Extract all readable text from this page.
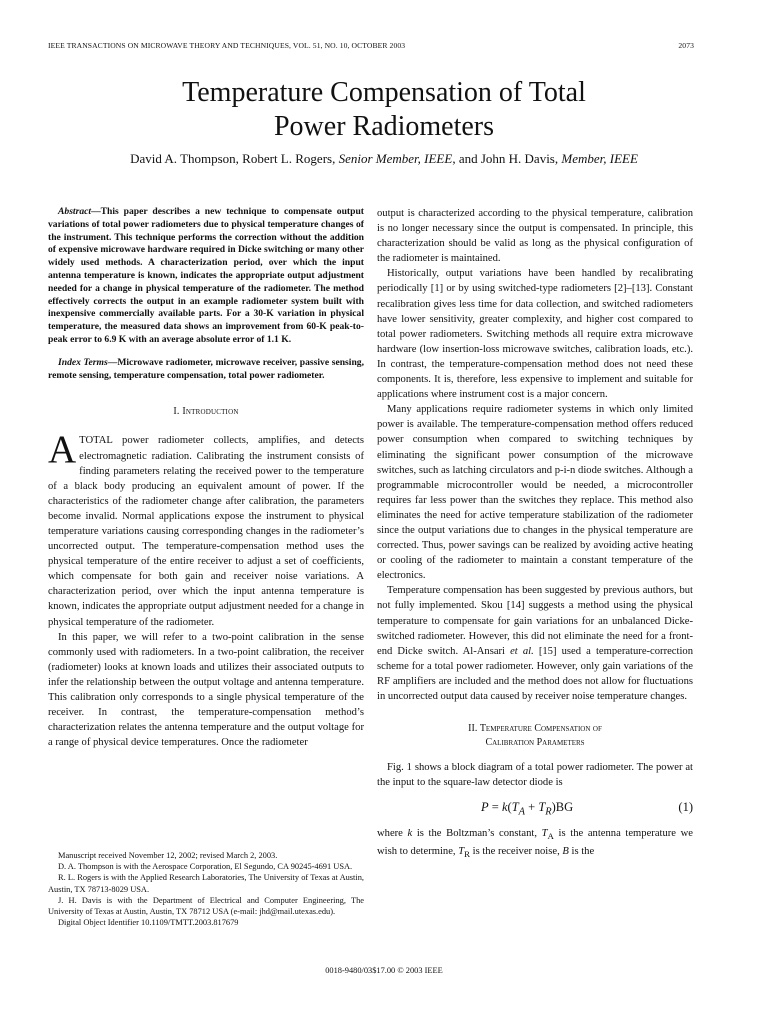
IEEE TRANSACTIONS ON MICROWAVE THEORY AND TECHNIQUES, VOL. 51, NO. 10, OCTOBER 2003	2073
Temperature Compensation of Total
Power Radiometers
David A. Thompson, Robert L. Rogers, Senior Member, IEEE, and John H. Davis, Member, IEEE

Abstract—This paper describes a new technique to compensate output variations of total power radiometers due to physical temperature changes of the instrument. This technique performs the correction without the addition of expensive microwave hardware required in Dicke switching or many other widely used methods. A characterization period, over which the input antenna temperature is known, indicates the appropriate output adjustment needed for a change in physical temperature of the radiometer. The method effectively corrects the output in an example radiometer system built with inexpensive commercially available parts. For a 30-K variation in physical temperature, the measured data shows an improvement from 60-K peak-to-peak error to 6.9 K with an average absolute error of 1.1 K.

Index Terms—Microwave radiometer, microwave receiver, passive sensing, remote sensing, temperature compensation, total power radiometer.

I. Introduction

ATOTAL power radiometer collects, amplifies, and detects electromagnetic radiation. Calibrating the instrument consists of finding parameters relating the received power to the temperature of a black body producing an equivalent amount of power. If the characteristics of the radiometer change after calibration, the parameters become invalid. Normal applications expose the instrument to physical temperature variations causing corresponding changes in the radiometer’s uncorrected output. The temperature-compensation method uses the physical temperature of the entire receiver to adjust a set of coefficients, which compensate for both gain and receiver noise variations. A characterization period, over which the input antenna temperature is known, indicates the appropriate output adjustment needed for a change in physical temperature of the radiometer.

In this paper, we will refer to a two-point calibration in the sense commonly used with radiometers. In a two-point calibration, the receiver (radiometer) looks at known loads and utilizes their associated outputs to infer the relationship between the output voltage and antenna temperature. This calibration only corresponds to a single physical temperature of the receiver. In contrast, the temperature-compensation method’s characterization relates the antenna temperature and the output voltage for a range of physical device temperatures. Once the radiometer

Manuscript received November 12, 2002; revised March 2, 2003.

D. A. Thompson is with the Aerospace Corporation, El Segundo, CA 90245-4691 USA.

R. L. Rogers is with the Applied Research Laboratories, The University of Texas at Austin, Austin, TX 78713-8029 USA.

J. H. Davis is with the Department of Electrical and Computer Engineering, The University of Texas at Austin, Austin, TX 78712 USA (e-mail: jhd@mail.utexas.edu).

Digital Object Identifier 10.1109/TMTT.2003.817679

output is characterized according to the physical temperature, calibration is no longer necessary since the output is compensated. In principle, this characterization should be valid as long as the physical configuration of the radiometer is maintained.

Historically, output variations have been handled by recalibrating periodically [1] or by using switched-type radiometers [2]–[13]. Constant recalibration gives less time for data collection, and switched radiometers have lower sensitivity, greater complexity, and higher cost compared to total power radiometers. Switching methods all require extra microwave hardware (low insertion-loss microwave switches, calibration loads, etc.). In contrast, the temperature-compensation method does not need these components. It is, therefore, less expensive to implement and suitable for applications where instrument cost is a major concern.

Many applications require radiometer systems in which only limited power is available. The temperature-compensation method offers reduced power consumption when compared to switching techniques by eliminating the significant power consumption of the microwave switches, such as latching circulators and p-i-n diode switches. Although a programmable microcontroller would be needed, a microcontroller requires far less power than the switches they replace. This method also eliminates the need for active temperature stabilization of the radiometer since the output variations due to changes in the physical temperature are corrected. Thus, power savings can be realized by avoiding active heating or cooling of the radiometer to maintain a constant temperature of the electronics.

Temperature compensation has been suggested by previous authors, but not fully implemented. Skou [14] suggests a method using the physical temperature to compensate for gain variations for an unbalanced Dicke-switched radiometer. However, this did not eliminate the need for a front-end Dicke switch. Al-Ansari et al. [15] used a temperature-correction scheme for a total power radiometer. However, only gain variations of the RF amplifiers are included and the method does not allow for fluctuations in uncorrected output data caused by receiver noise temperature changes.

II. Temperature Compensation of
Calibration Parameters

Fig. 1 shows a block diagram of a total power radiometer. The power at the input to the square-law detector diode is

$P = k(T_A + T_R)BG$	(1)

where k is the Boltzman’s constant, $T_A$ is the antenna temperature we wish to determine, $T_R$ is the receiver noise, B is the

0018-9480/03$17.00 © 2003 IEEE
